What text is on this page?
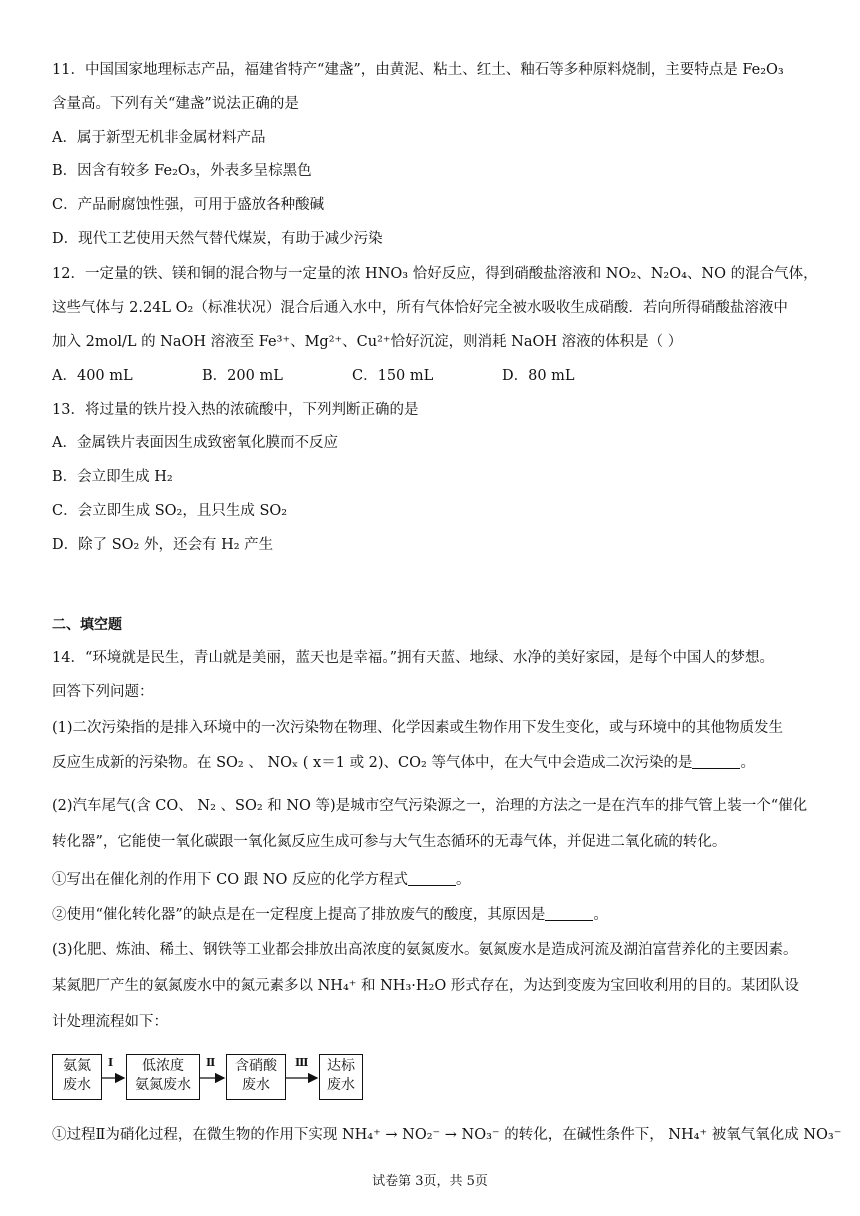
11．中国国家地理标志产品，福建省特产“建盏”，由黄泥、粘土、红土、釉石等多种原料烧制，主要特点是 Fe₂O₃
含量高。下列有关“建盏”说法正确的是
A．属于新型无机非金属材料产品
B．因含有较多 Fe₂O₃，外表多呈棕黑色
C．产品耐腐蚀性强，可用于盛放各种酸碱
D．现代工艺使用天然气替代煤炭，有助于减少污染
12．一定量的铁、镁和铜的混合物与一定量的浓 HNO₃ 恰好反应，得到硝酸盐溶液和 NO₂、N₂O₄、NO 的混合气体，
这些气体与 2.24L O₂（标准状况）混合后通入水中，所有气体恰好完全被水吸收生成硝酸．若向所得硝酸盐溶液中
加入 2mol/L 的 NaOH 溶液至 Fe³⁺、Mg²⁺、Cu²⁺恰好沉淀，则消耗 NaOH 溶液的体积是（ ）
A．400 mL	B．200 mL	C．150 mL	D．80 mL
13．将过量的铁片投入热的浓硫酸中，下列判断正确的是
A．金属铁片表面因生成致密氧化膜而不反应
B．会立即生成 H₂
C．会立即生成 SO₂，且只生成 SO₂
D．除了 SO₂ 外，还会有 H₂ 产生
二、填空题
14．“环境就是民生，青山就是美丽，蓝天也是幸福。”拥有天蓝、地绿、水净的美好家园，是每个中国人的梦想。
回答下列问题：
(1)二次污染指的是排入环境中的一次污染物在物理、化学因素或生物作用下发生变化，或与环境中的其他物质发生
反应生成新的污染物。在 SO₂ 、 NOₓ ( x＝1 或 2)、CO₂ 等气体中，在大气中会造成二次污染的是	。
(2)汽车尾气(含 CO、 N₂ 、SO₂ 和 NO 等)是城市空气污染源之一，治理的方法之一是在汽车的排气管上装一个“催化
转化器”，它能使一氧化碳跟一氧化氮反应生成可参与大气生态循环的无毒气体，并促进二氧化硫的转化。
①写出在催化剂的作用下 CO 跟 NO 反应的化学方程式	。
②使用“催化转化器”的缺点是在一定程度上提高了排放废气的酸度，其原因是	。
(3)化肥、炼油、稀土、钢铁等工业都会排放出高浓度的氨氮废水。氨氮废水是造成河流及湖泊富营养化的主要因素。
某氮肥厂产生的氨氮废水中的氮元素多以 NH₄⁺ 和 NH₃·H₂O 形式存在，为达到变废为宝回收利用的目的。某团队设
计处理流程如下：
氨氮
废水
Ⅰ	低浓度
氨氮废水
Ⅱ	含硝酸
废水
Ⅲ	达标
废水
①过程Ⅱ为硝化过程，在微生物的作用下实现 NH₄⁺ → NO₂⁻ → NO₃⁻ 的转化，在碱性条件下， NH₄⁺ 被氧气氧化成 NO₃⁻
试卷第 3页，共 5页
